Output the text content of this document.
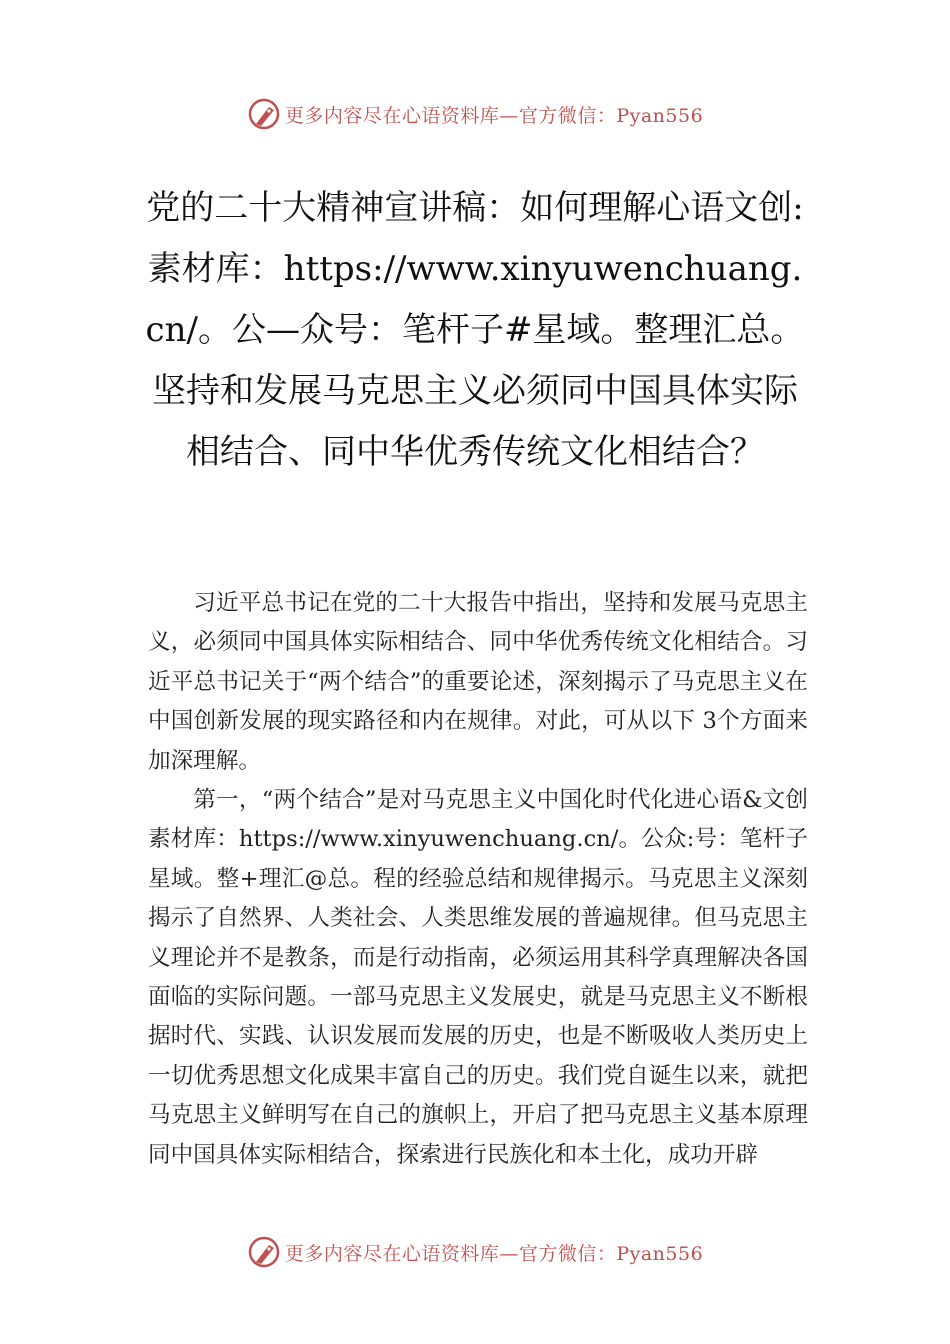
更多内容尽在心语资料库—官方微信：Pyan556
党的二十大精神宣讲稿：如何理解心语文创:素材库：https://www.xinyuwenchuang.cn/。公—众号：笔杆子#星域。整理汇总。坚持和发展马克思主义必须同中国具体实际相结合、同中华优秀传统文化相结合？

习近平总书记在党的二十大报告中指出，坚持和发展马克思主义，必须同中国具体实际相结合、同中华优秀传统文化相结合。习近平总书记关于“两个结合”的重要论述，深刻揭示了马克思主义在中国创新发展的现实路径和内在规律。对此，可从以下 3个方面来加深理解。

第一，“两个结合”是对马克思主义中国化时代化进心语&文创素材库：https://www.xinyuwenchuang.cn/。公众:号：笔杆子星域。整+理汇@总。程的经验总结和规律揭示。马克思主义深刻揭示了自然界、人类社会、人类思维发展的普遍规律。但马克思主义理论并不是教条，而是行动指南，必须运用其科学真理解决各国面临的实际问题。一部马克思主义发展史，就是马克思主义不断根据时代、实践、认识发展而发展的历史，也是不断吸收人类历史上一切优秀思想文化成果丰富自己的历史。我们党自诞生以来，就把马克思主义鲜明写在自己的旗帜上，开启了把马克思主义基本原理同中国具体实际相结合，探索进行民族化和本土化，成功开辟

更多内容尽在心语资料库—官方微信：Pyan556
